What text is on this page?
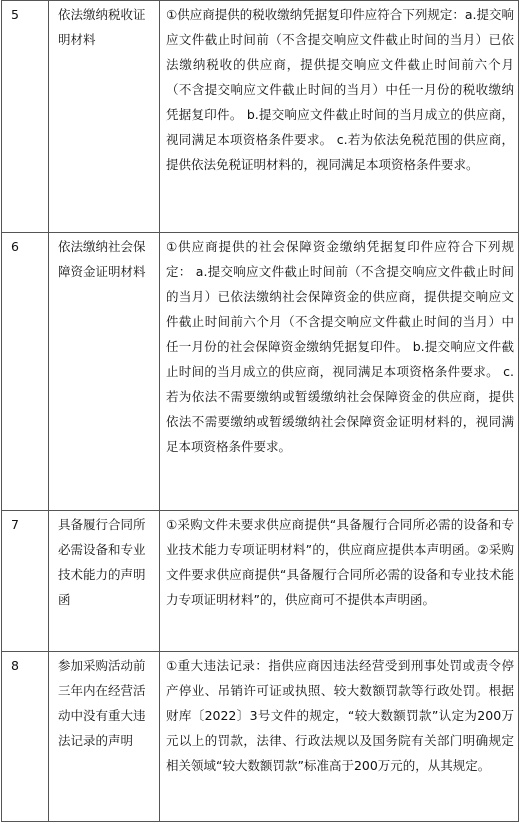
5	依法缴纳税收证明材料	①供应商提供的税收缴纳凭据复印件应符合下列规定：a.提交响应文件截止时间前（不含提交响应文件截止时间的当月）已依法缴纳税收的供应商，提供提交响应文件截止时间前六个月（不含提交响应文件截止时间的当月）中任一月份的税收缴纳凭据复印件。 b.提交响应文件截止时间的当月成立的供应商，视同满足本项资格条件要求。 c.若为依法免税范围的供应商，提供依法免税证明材料的，视同满足本项资格条件要求。
6	依法缴纳社会保障资金证明材料	①供应商提供的社会保障资金缴纳凭据复印件应符合下列规定： a.提交响应文件截止时间前（不含提交响应文件截止时间的当月）已依法缴纳社会保障资金的供应商，提供提交响应文件截止时间前六个月（不含提交响应文件截止时间的当月）中任一月份的社会保障资金缴纳凭据复印件。 b.提交响应文件截止时间的当月成立的供应商，视同满足本项资格条件要求。 c.若为依法不需要缴纳或暂缓缴纳社会保障资金的供应商，提供依法不需要缴纳或暂缓缴纳社会保障资金证明材料的，视同满足本项资格条件要求。
7	具备履行合同所必需设备和专业技术能力的声明函	①采购文件未要求供应商提供“具备履行合同所必需的设备和专业技术能力专项证明材料”的，供应商应提供本声明函。②采购文件要求供应商提供“具备履行合同所必需的设备和专业技术能力专项证明材料”的，供应商可不提供本声明函。
8	参加采购活动前三年内在经营活动中没有重大违法记录的声明	①重大违法记录：指供应商因违法经营受到刑事处罚或责令停产停业、吊销许可证或执照、较大数额罚款等行政处罚。根据财库〔2022〕3号文件的规定，“较大数额罚款”认定为200万元以上的罚款，法律、行政法规以及国务院有关部门明确规定相关领域“较大数额罚款”标准高于200万元的，从其规定。
